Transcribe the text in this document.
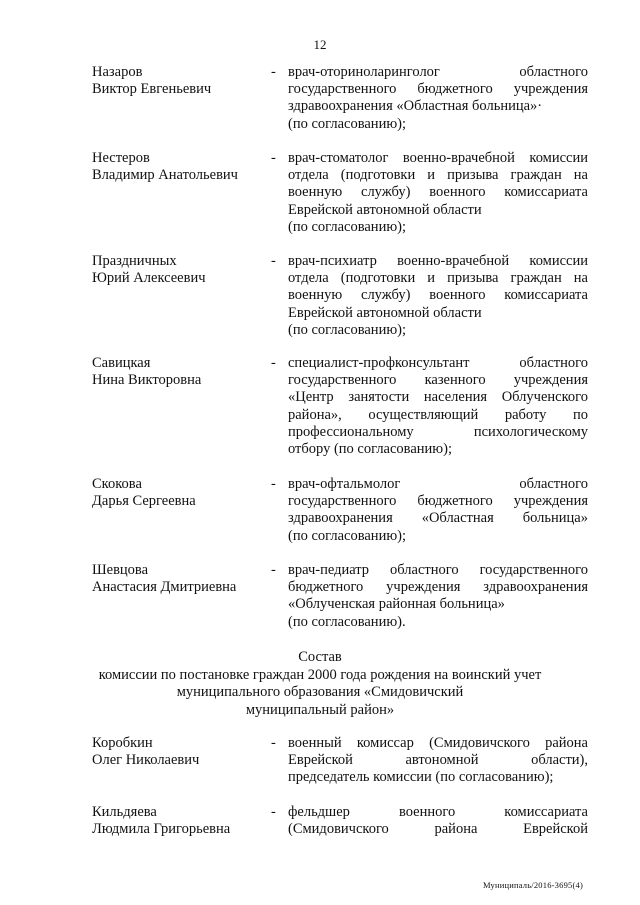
12
Назаров
Виктор Евгеньевич
- врач-оториноларинголог областного
государственного бюджетного учреждения
здравоохранения «Областная больница»·
(по согласованию);
Нестеров
Владимир Анатольевич
- врач-стоматолог военно-врачебной комиссии
отдела (подготовки и призыва граждан на
военную службу) военного комиссариата
Еврейской автономной области
(по согласованию);
Праздничных
Юрий Алексеевич
- врач-психиатр военно-врачебной комиссии
отдела (подготовки и призыва граждан на
военную службу) военного комиссариата
Еврейской автономной области
(по согласованию);
Савицкая
Нина Викторовна
- специалист-профконсультант областного
государственного казенного учреждения
«Центр занятости населения Облученского
района», осуществляющий работу по
профессиональному психологическому
отбору (по согласованию);
Скокова
Дарья Сергеевна
- врач-офтальмолог областного
государственного бюджетного учреждения
здравоохранения «Областная больница»
(по согласованию);
Шевцова
Анастасия Дмитриевна
- врач-педиатр областного государственного
бюджетного учреждения здравоохранения
«Облученская районная больница»
(по согласованию).
Состав
комиссии по постановке граждан 2000 года рождения на воинский учет
муниципального образования «Смидовичский
муниципальный район»
Коробкин
Олег Николаевич
- военный комиссар (Смидовичского района
Еврейской автономной области),
председатель комиссии (по согласованию);
Кильдяева
Людмила Григорьевна
- фельдшер военного комиссариата
(Смидовичского района Еврейской
Муниципаль/2016-3695(4)
